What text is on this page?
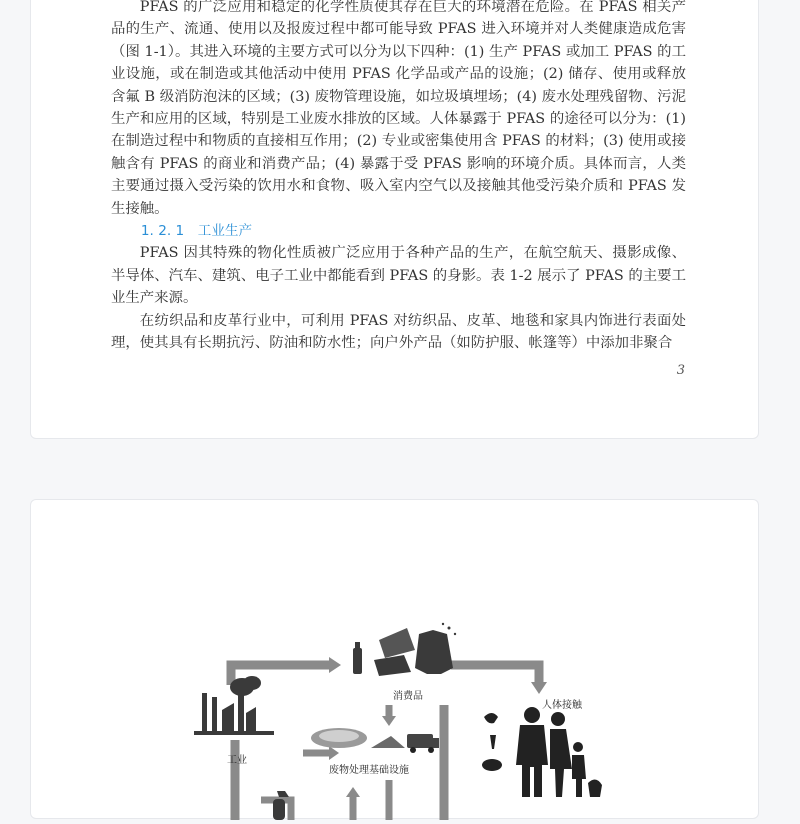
PFAS 的广泛应用和稳定的化学性质使其存在巨大的环境潜在危险。在 PFAS 相关产品的生产、流通、使用以及报废过程中都可能导致 PFAS 进入环境并对人类健康造成危害（图 1-1）。其进入环境的主要方式可以分为以下四种：(1) 生产 PFAS 或加工 PFAS 的工业设施，或在制造或其他活动中使用 PFAS 化学品或产品的设施；(2) 储存、使用或释放含氟 B 级消防泡沫的区域；(3) 废物管理设施，如垃圾填埋场；(4) 废水处理残留物、污泥生产和应用的区域，特别是工业废水排放的区域。人体暴露于 PFAS 的途径可以分为：(1) 在制造过程中和物质的直接相互作用；(2) 专业或密集使用含 PFAS 的材料；(3) 使用或接触含有 PFAS 的商业和消费产品；(4) 暴露于受 PFAS 影响的环境介质。具体而言，人类主要通过摄入受污染的饮用水和食物、吸入室内空气以及接触其他受污染介质和 PFAS 发生接触。

1. 2. 1　工业生产

PFAS 因其特殊的物化性质被广泛应用于各种产品的生产，在航空航天、摄影成像、半导体、汽车、建筑、电子工业中都能看到 PFAS 的身影。表 1-2 展示了 PFAS 的主要工业生产来源。

在纺织品和皮革行业中，可利用 PFAS 对纺织品、皮革、地毯和家具内饰进行表面处理，使其具有长期抗污、防油和防水性；向户外产品（如防护服、帐篷等）中添加非聚合

3
消费品
人体接触
工业
废物处理基础设施
